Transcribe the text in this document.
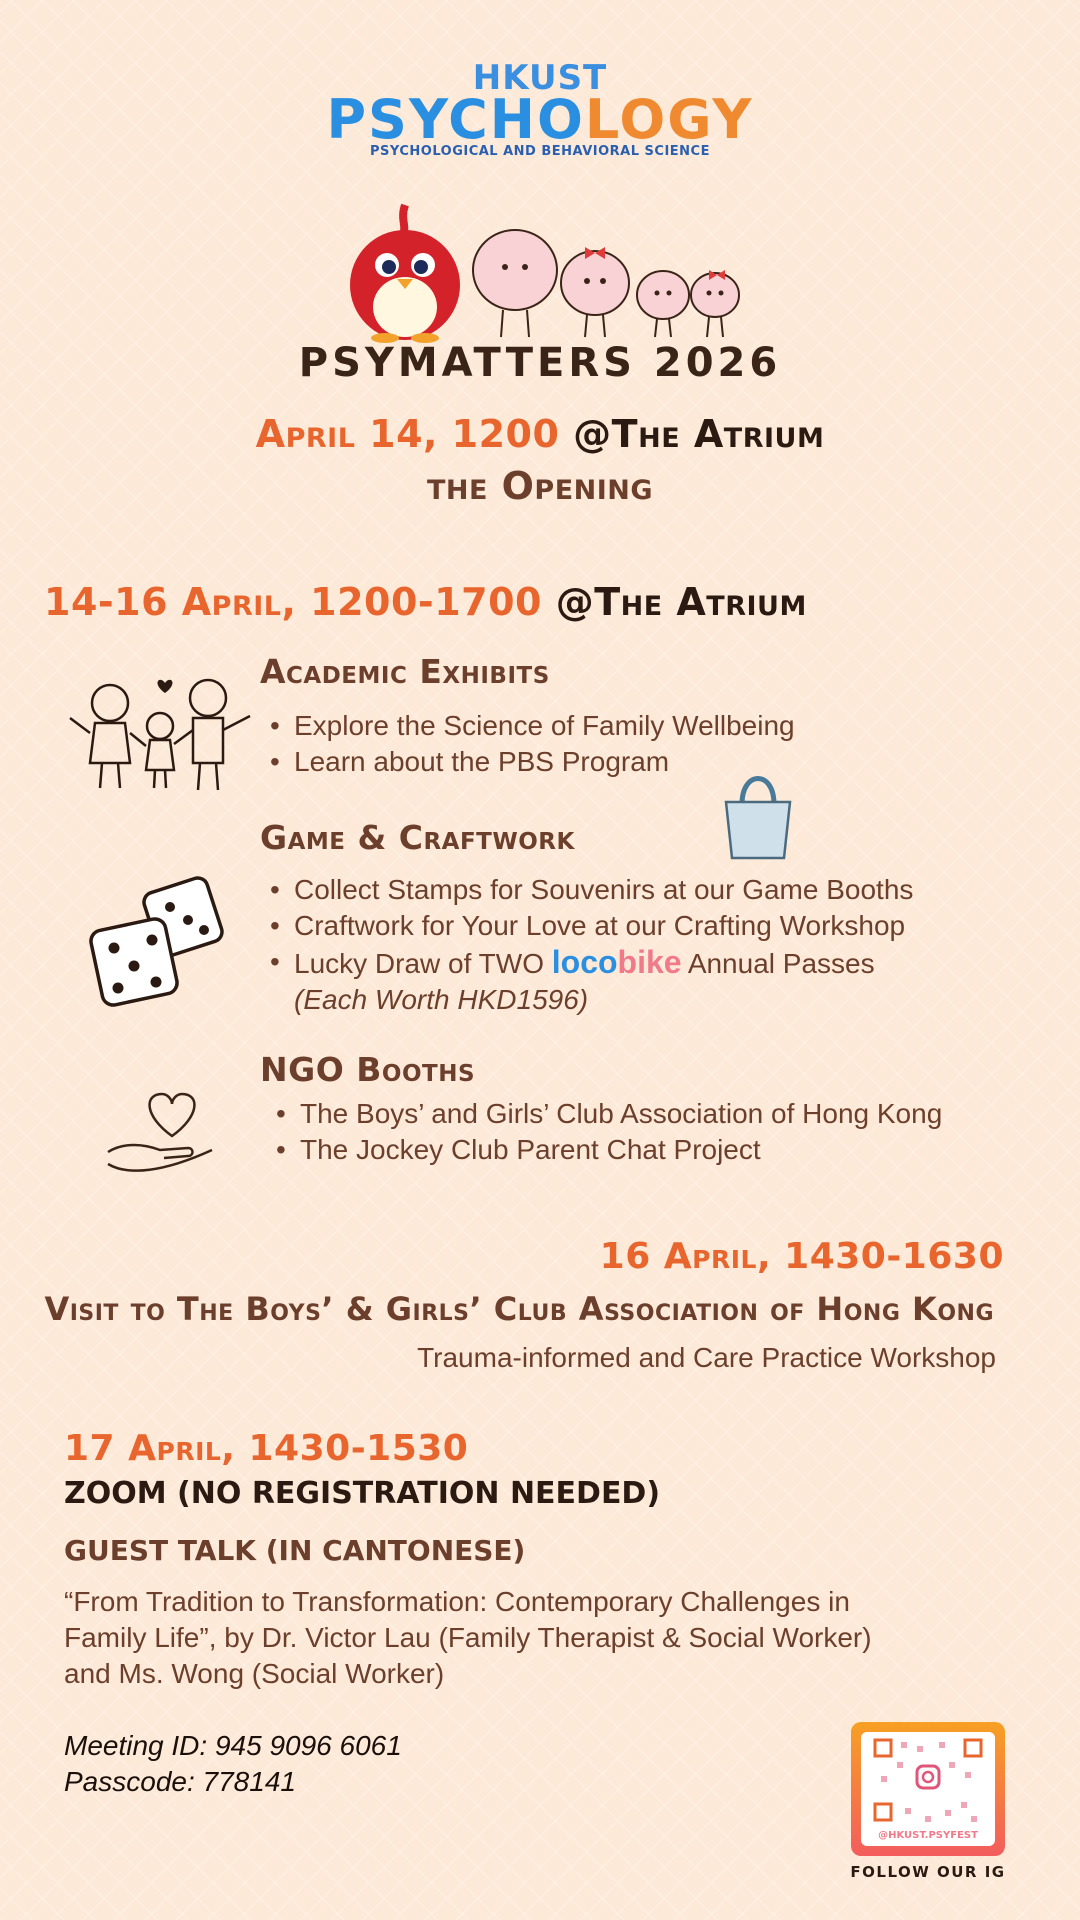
HKUST
PSYCHOLOGY
PSYCHOLOGICAL AND BEHAVIORAL SCIENCE
PSYMATTERS 2026
April 14, 1200 @The Atrium
the Opening
14-16 April, 1200-1700 @The Atrium
Academic Exhibits
• Explore the Science of Family Wellbeing
• Learn about the PBS Program
Game & Craftwork
• Collect Stamps for Souvenirs at our Game Booths
• Craftwork for Your Love at our Crafting Workshop
• Lucky Draw of TWO locobike Annual Passes
(Each Worth HKD1596)
NGO Booths
• The Boys’ and Girls’ Club Association of Hong Kong
• The Jockey Club Parent Chat Project
16 April, 1430-1630
Visit to The Boys’ & Girls’ Club Association of Hong Kong
Trauma-informed and Care Practice Workshop
17 April, 1430-1530
ZOOM (NO REGISTRATION NEEDED)
GUEST TALK (IN CANTONESE)
“From Tradition to Transformation: Contemporary Challenges in
Family Life”, by Dr. Victor Lau (Family Therapist & Social Worker)
and Ms. Wong (Social Worker)
Meeting ID: 945 9096 6061
Passcode: 778141
@HKUST.PSYFEST
FOLLOW OUR IG
